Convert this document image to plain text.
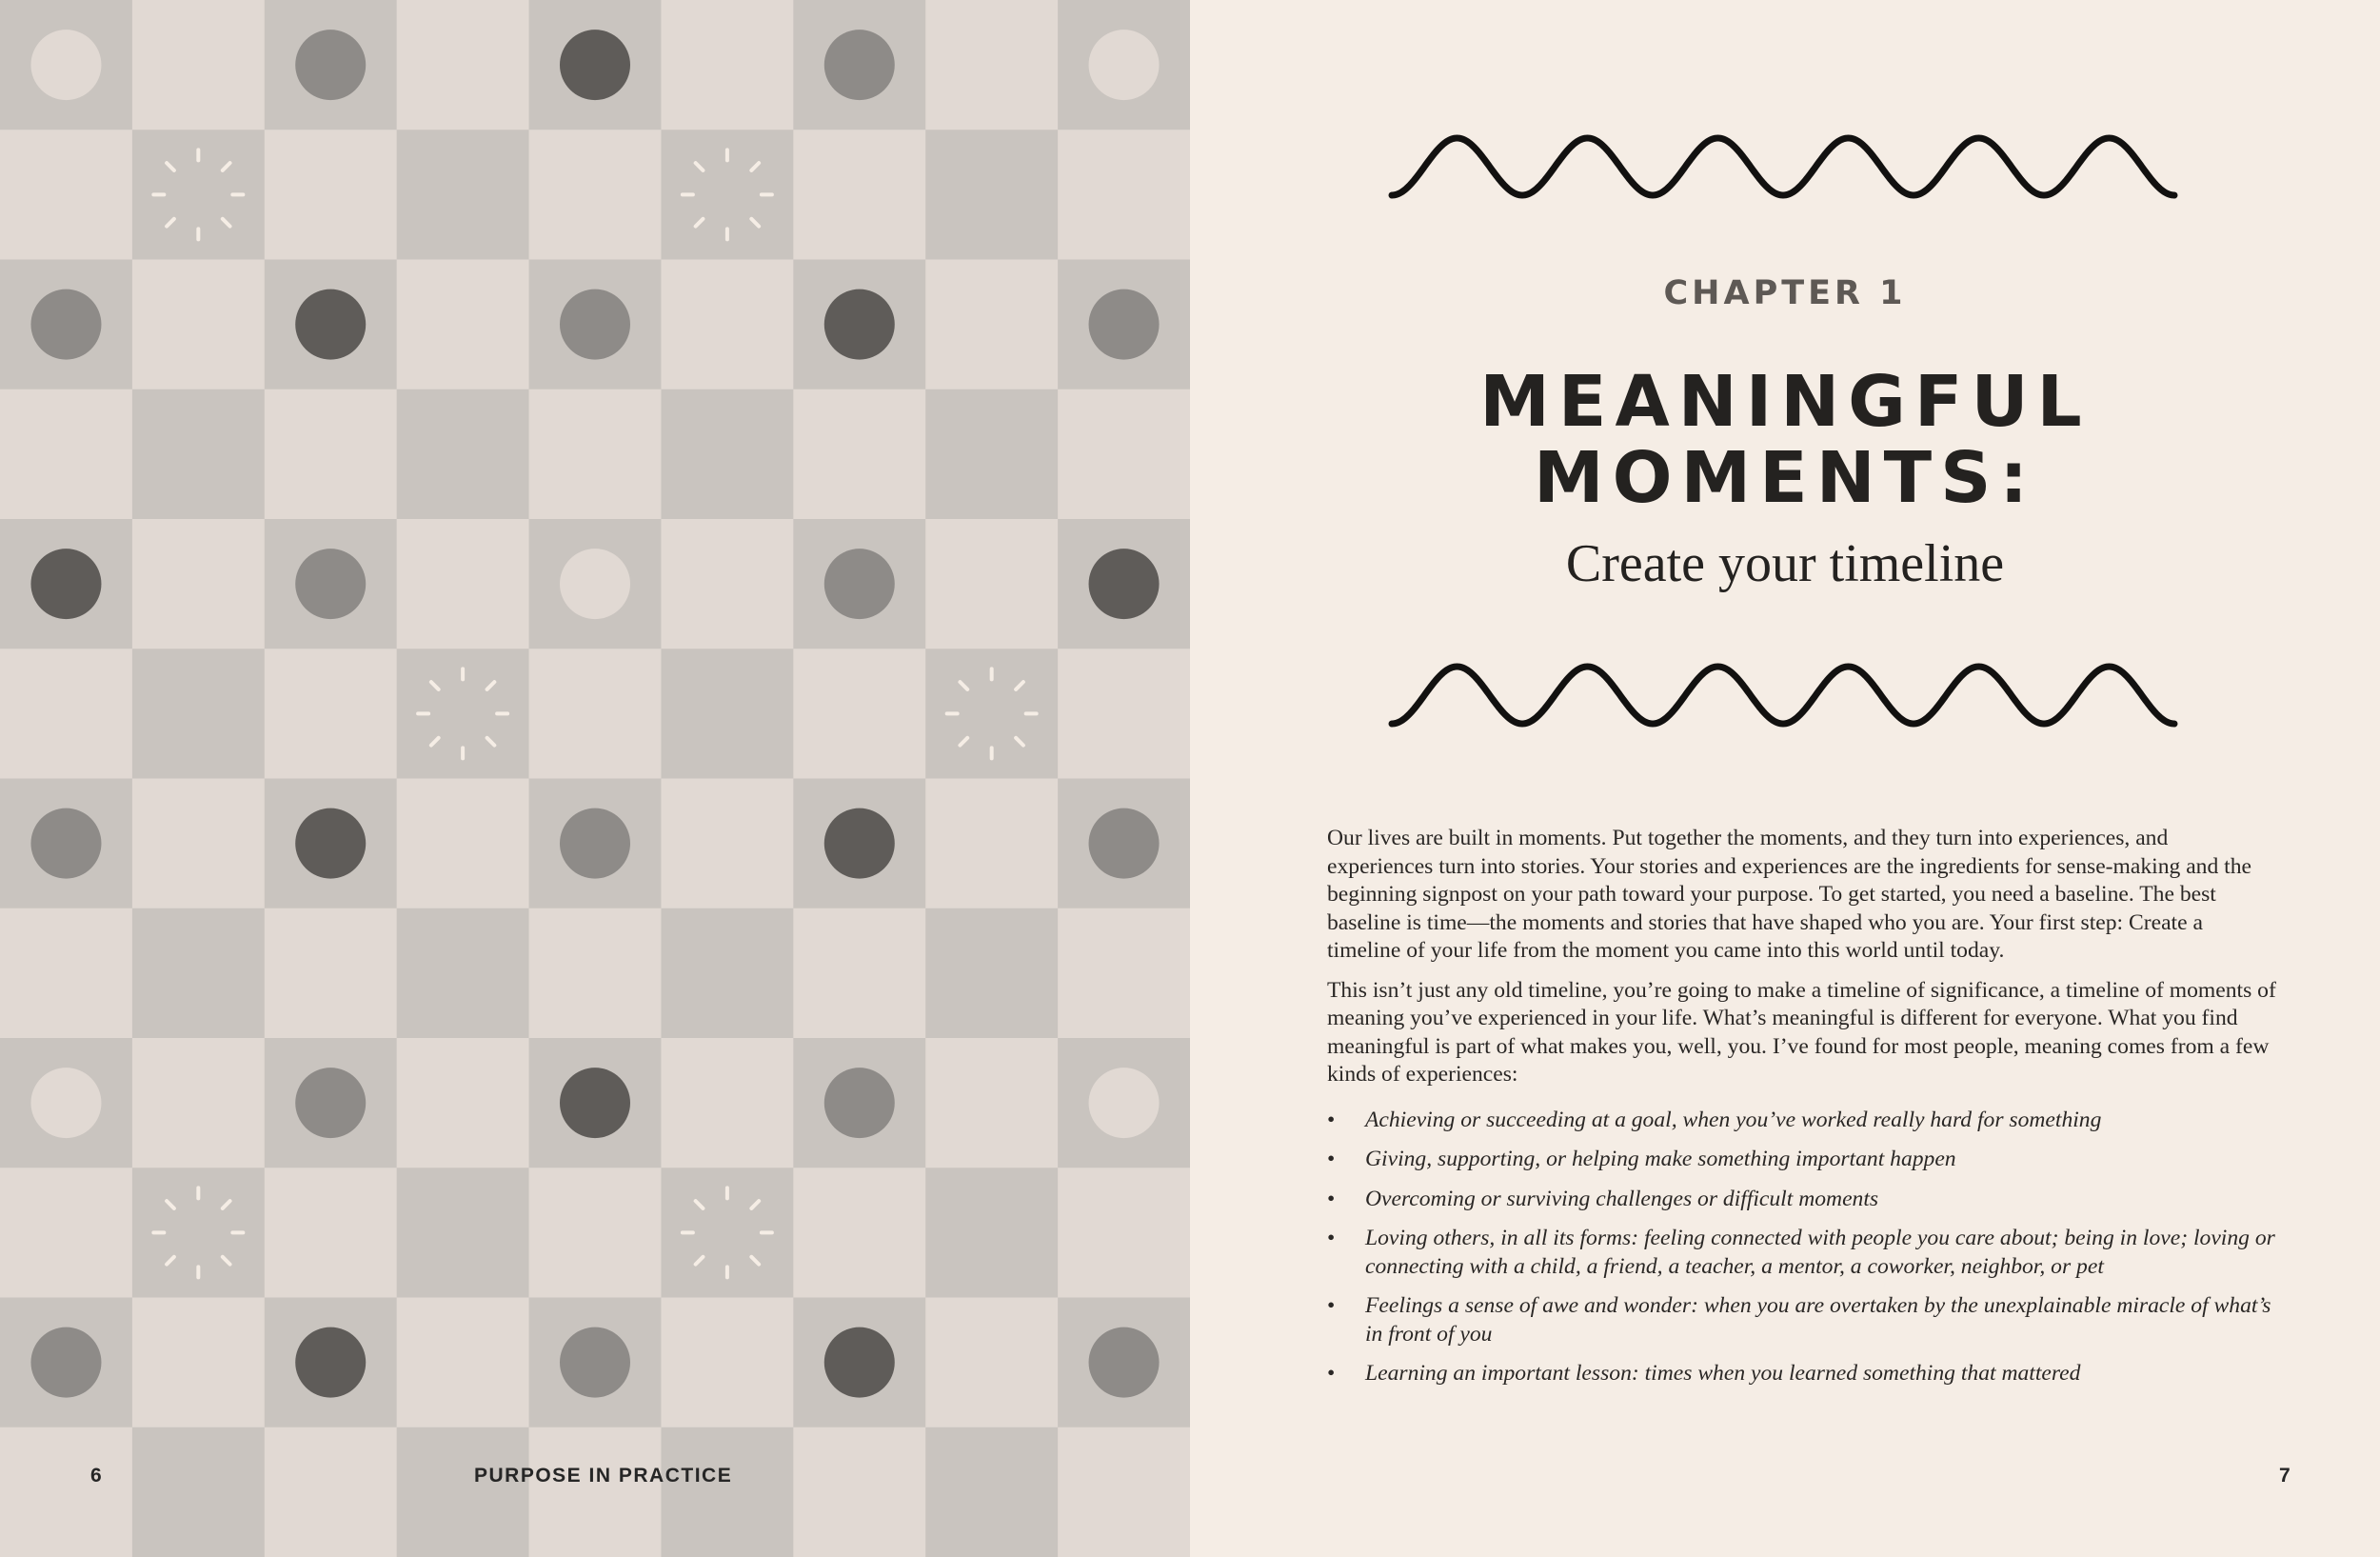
6	PURPOSE IN PRACTICE
CHAPTER 1
MEANINGFUL
MOMENTS:
Create your timeline

Our lives are built in moments. Put together the moments, and they turn into experiences, and experiences turn into stories. Your stories and experiences are the ingredients for sense-making and the beginning signpost on your path toward your purpose. To get started, you need a baseline. The best baseline is time—the moments and stories that have shaped who you are. Your first step: Create a timeline of your life from the moment you came into this world until today.

This isn’t just any old timeline, you’re going to make a timeline of significance, a timeline of moments of meaning you’ve experienced in your life. What’s meaningful is different for everyone. What you find meaningful is part of what makes you, well, you. I’ve found for most people, meaning comes from a few kinds of experiences:

• Achieving or succeeding at a goal, when you’ve worked really hard for something
• Giving, supporting, or helping make something important happen
• Overcoming or surviving challenges or difficult moments
• Loving others, in all its forms: feeling connected with people you care about; being in love; loving or connecting with a child, a friend, a teacher, a mentor, a coworker, neighbor, or pet
• Feelings a sense of awe and wonder: when you are overtaken by the unexplainable miracle of what’s in front of you
• Learning an important lesson: times when you learned something that mattered
7
